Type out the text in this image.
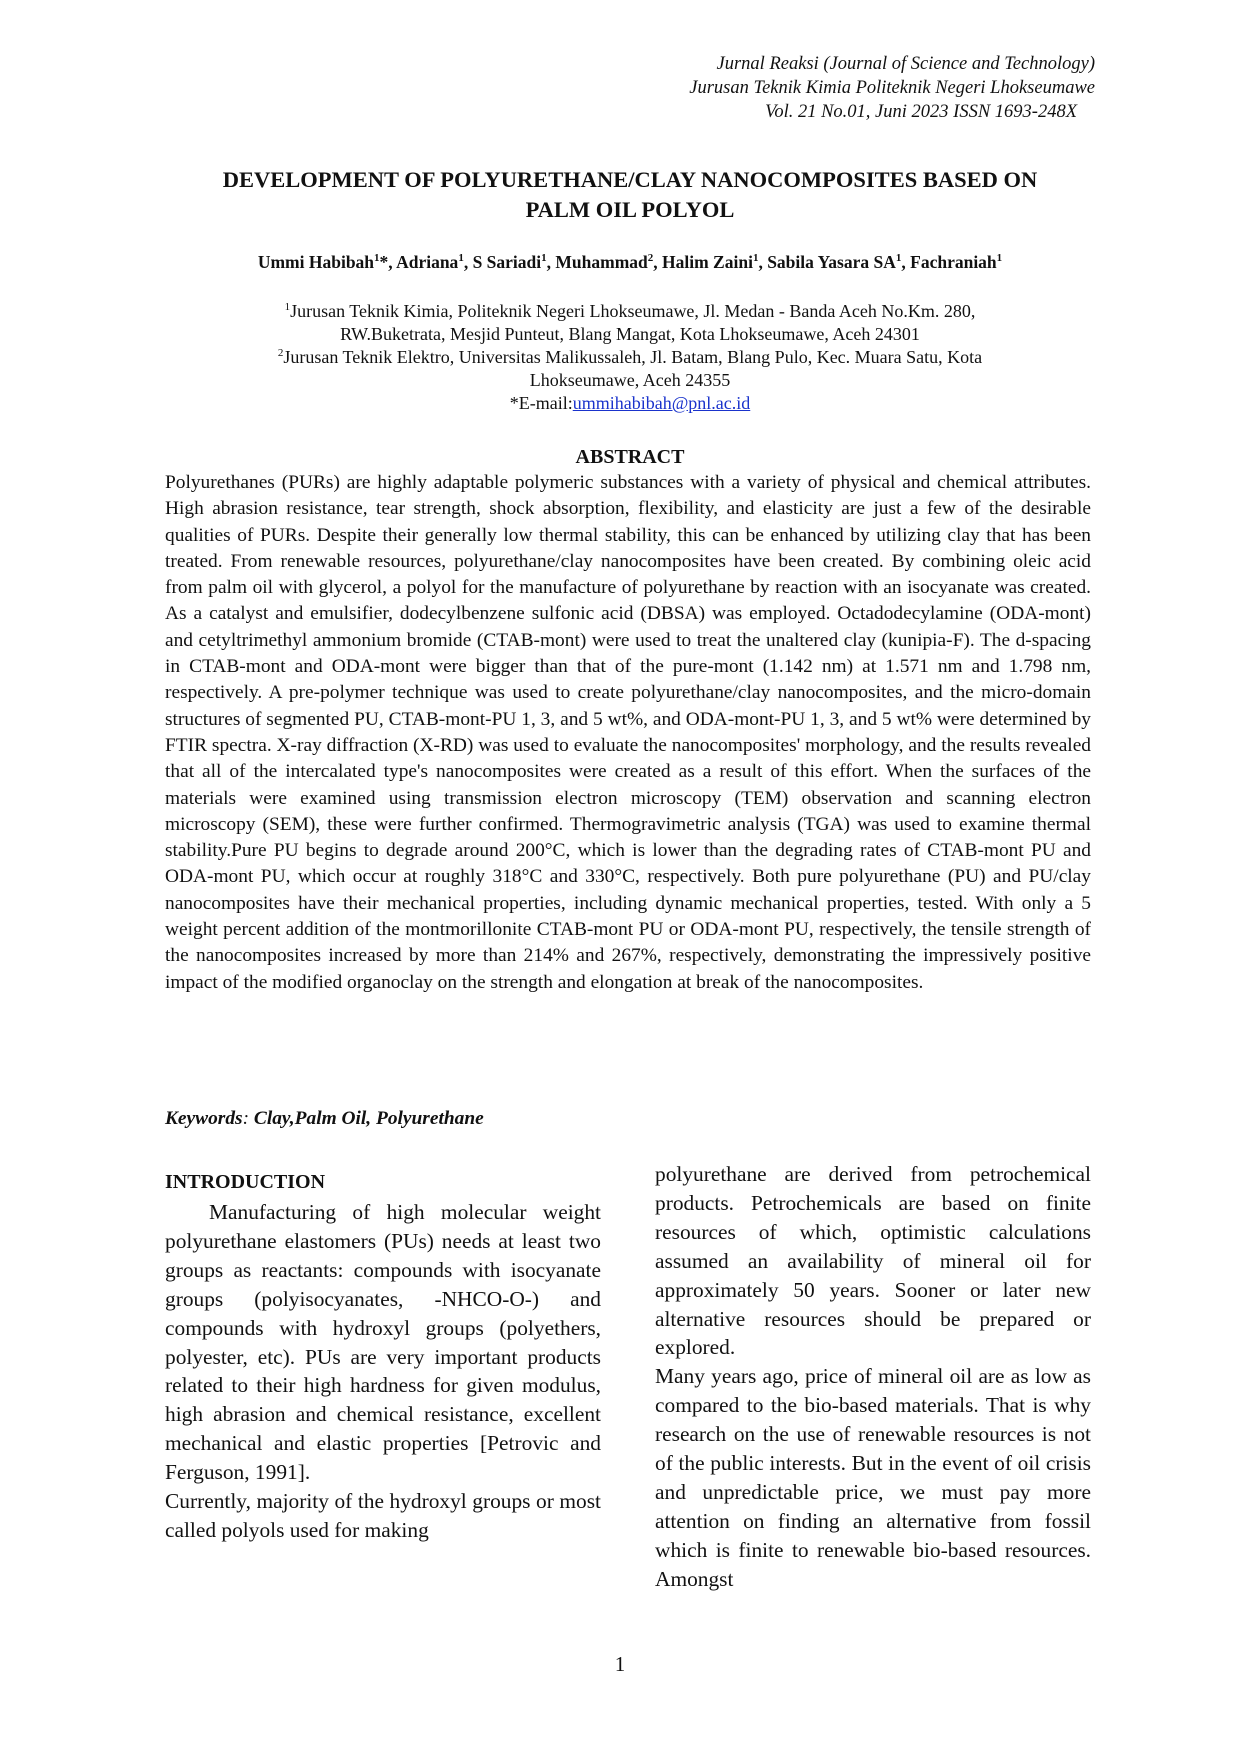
Jurnal Reaksi (Journal of Science and Technology)
Jurusan Teknik Kimia Politeknik Negeri Lhokseumawe
Vol. 21 No.01, Juni 2023 ISSN 1693-248X
DEVELOPMENT OF POLYURETHANE/CLAY NANOCOMPOSITES BASED ON
PALM OIL POLYOL
Ummi Habibah$^1$*, Adriana$^1$, S Sariadi$^1$, Muhammad$^2$, Halim Zaini$^1$, Sabila Yasara $SA^1$, Fachraniah$^1$
$^1$Jurusan Teknik Kimia, Politeknik Negeri Lhokseumawe, Jl. Medan - Banda Aceh No.Km. 280,
RW.Buketrata, Mesjid Punteut, Blang Mangat, Kota Lhokseumawe, Aceh 24301
$^2$Jurusan Teknik Elektro, Universitas Malikussaleh, Jl. Batam, Blang Pulo, Kec. Muara Satu, Kota
Lhokseumawe, Aceh 24355
*E-mail:ummihabibah@pnl.ac.id
ABSTRACT
Polyurethanes (PURs) are highly adaptable polymeric substances with a variety of physical and chemical attributes. High abrasion resistance, tear strength, shock absorption, flexibility, and elasticity are just a few of the desirable qualities of PURs. Despite their generally low thermal stability, this can be enhanced by utilizing clay that has been treated. From renewable resources, polyurethane/clay nanocomposites have been created. By combining oleic acid from palm oil with glycerol, a polyol for the manufacture of polyurethane by reaction with an isocyanate was created. As a catalyst and emulsifier, dodecylbenzene sulfonic acid (DBSA) was employed. Octadodecylamine (ODA-mont) and cetyltrimethyl ammonium bromide (CTAB-mont) were used to treat the unaltered clay (kunipia-F). The d-spacing in CTAB-mont and ODA-mont were bigger than that of the pure-mont (1.142 nm) at 1.571 nm and 1.798 nm, respectively. A pre-polymer technique was used to create polyurethane/clay nanocomposites, and the micro-domain structures of segmented PU, CTAB-mont-PU 1, 3, and 5 wt%, and ODA-mont-PU 1, 3, and 5 wt% were determined by FTIR spectra. X-ray diffraction (X-RD) was used to evaluate the nanocomposites' morphology, and the results revealed that all of the intercalated type's nanocomposites were created as a result of this effort. When the surfaces of the materials were examined using transmission electron microscopy (TEM) observation and scanning electron microscopy (SEM), these were further confirmed. Thermogravimetric analysis (TGA) was used to examine thermal stability.Pure PU begins to degrade around 200°C, which is lower than the degrading rates of CTAB-mont PU and ODA-mont PU, which occur at roughly 318°C and 330°C, respectively. Both pure polyurethane (PU) and PU/clay nanocomposites have their mechanical properties, including dynamic mechanical properties, tested. With only a 5 weight percent addition of the montmorillonite CTAB-mont PU or ODA-mont PU, respectively, the tensile strength of the nanocomposites increased by more than 214% and 267%, respectively, demonstrating the impressively positive impact of the modified organoclay on the strength and elongation at break of the nanocomposites.
Keywords: Clay,Palm Oil, Polyurethane
INTRODUCTION

Manufacturing of high molecular weight polyurethane elastomers (PUs) needs at least two groups as reactants: compounds with isocyanate groups (polyisocyanates, -NHCO-O-) and compounds with hydroxyl groups (polyethers, polyester, etc). PUs are very important products related to their high hardness for given modulus, high abrasion and chemical resistance, excellent mechanical and elastic properties [Petrovic and Ferguson, 1991].

Currently, majority of the hydroxyl groups or most called polyols used for making

polyurethane are derived from petrochemical products. Petrochemicals are based on finite resources of which, optimistic calculations assumed an availability of mineral oil for approximately 50 years. Sooner or later new alternative resources should be prepared or explored.

Many years ago, price of mineral oil are as low as compared to the bio-based materials. That is why research on the use of renewable resources is not of the public interests. But in the event of oil crisis and unpredictable price, we must pay more attention on finding an alternative from fossil which is finite to renewable bio-based resources. Amongst

1
